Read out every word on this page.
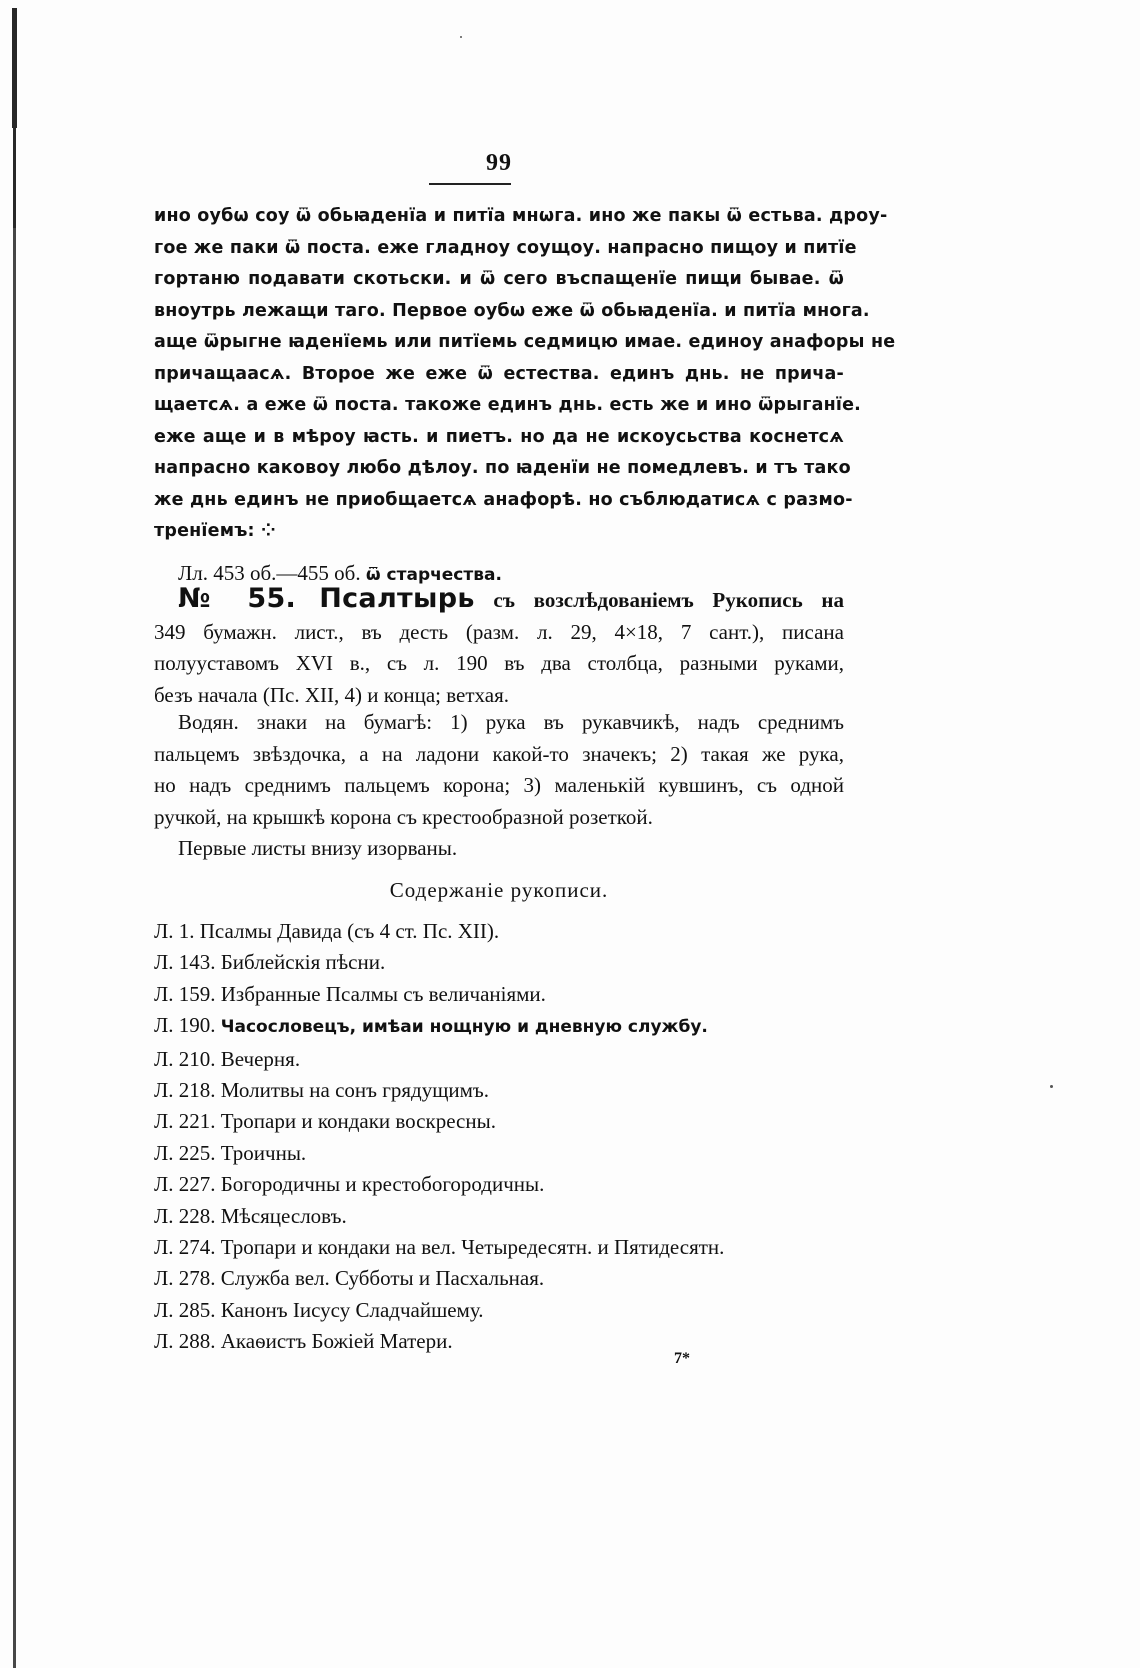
99
ино оубѡ соу ѿ обьꙗденїа и питїа мнѡга. ино же пакы ѿ естьва. дроу-
гое же паки ѿ поста. еже гладноу соущоу. напрасно пищоу и питїе
гортаню подавати скотьски. и ѿ сего въспащенїе пищи бывае. ѿ
вноутрь лежащи таго. Первое оубѡ еже ѿ обьꙗденїа. и питїа многа.
аще ѿрыгне ꙗденїемь или питїемь седмицю имае. единоу анафоры не
причащаасѧ. Второе же еже ѿ естества. единъ днь. не прича-
щаетсѧ. а еже ѿ поста. такоже единъ днь. есть же и ино ѿрыганїе.
еже аще и в мѣроу ꙗсть. и пиетъ. но да не искоусьства коснетсѧ
напрасно каковоу любо дѣлоу. по ꙗденїи не помедлевъ. и тъ тако
же днь единъ не приобщаетсѧ анафорѣ. но съблюдатисѧ с размо-
тренїемъ: ⁘
Лл. 453 об.—455 об. ѿ старчества.
№ 55. Псалтырь съ возслѣдованіемъ Рукопись на
349 бумажн. лист., въ десть (разм. л. 29, 4×18, 7 сант.), писана
полууставомъ XVI в., съ л. 190 въ два столбца, разными руками,
безъ начала (Пс. XII, 4) и конца; ветхая.
Водян. знаки на бумагѣ: 1) рука въ рукавчикѣ, надъ среднимъ
пальцемъ звѣздочка, а на ладони какой-то значекъ; 2) такая же рука,
но надъ среднимъ пальцемъ корона; 3) маленькій кувшинъ, съ одной
ручкой, на крышкѣ корона съ крестообразной розеткой.
Первые листы внизу изорваны.
Содержаніе рукописи.
Л. 1. Псалмы Давида (съ 4 ст. Пс. XII).
Л. 143. Библейскія пѣсни.
Л. 159. Избранные Псалмы съ величаніями.
Л. 190. Часословецъ, имѣаи нощную и дневную службу.
Л. 210. Вечерня.
Л. 218. Молитвы на сонъ грядущимъ.
Л. 221. Тропари и кондаки воскресны.
Л. 225. Троичны.
Л. 227. Богородичны и крестобогородичны.
Л. 228. Мѣсяцесловъ.
Л. 274. Тропари и кондаки на вел. Четыредесятн. и Пятидесятн.
Л. 278. Служба вел. Субботы и Пасхальная.
Л. 285. Канонъ Іисусу Сладчайшему.
Л. 288. Акаѳистъ Божіей Матери.
7*
